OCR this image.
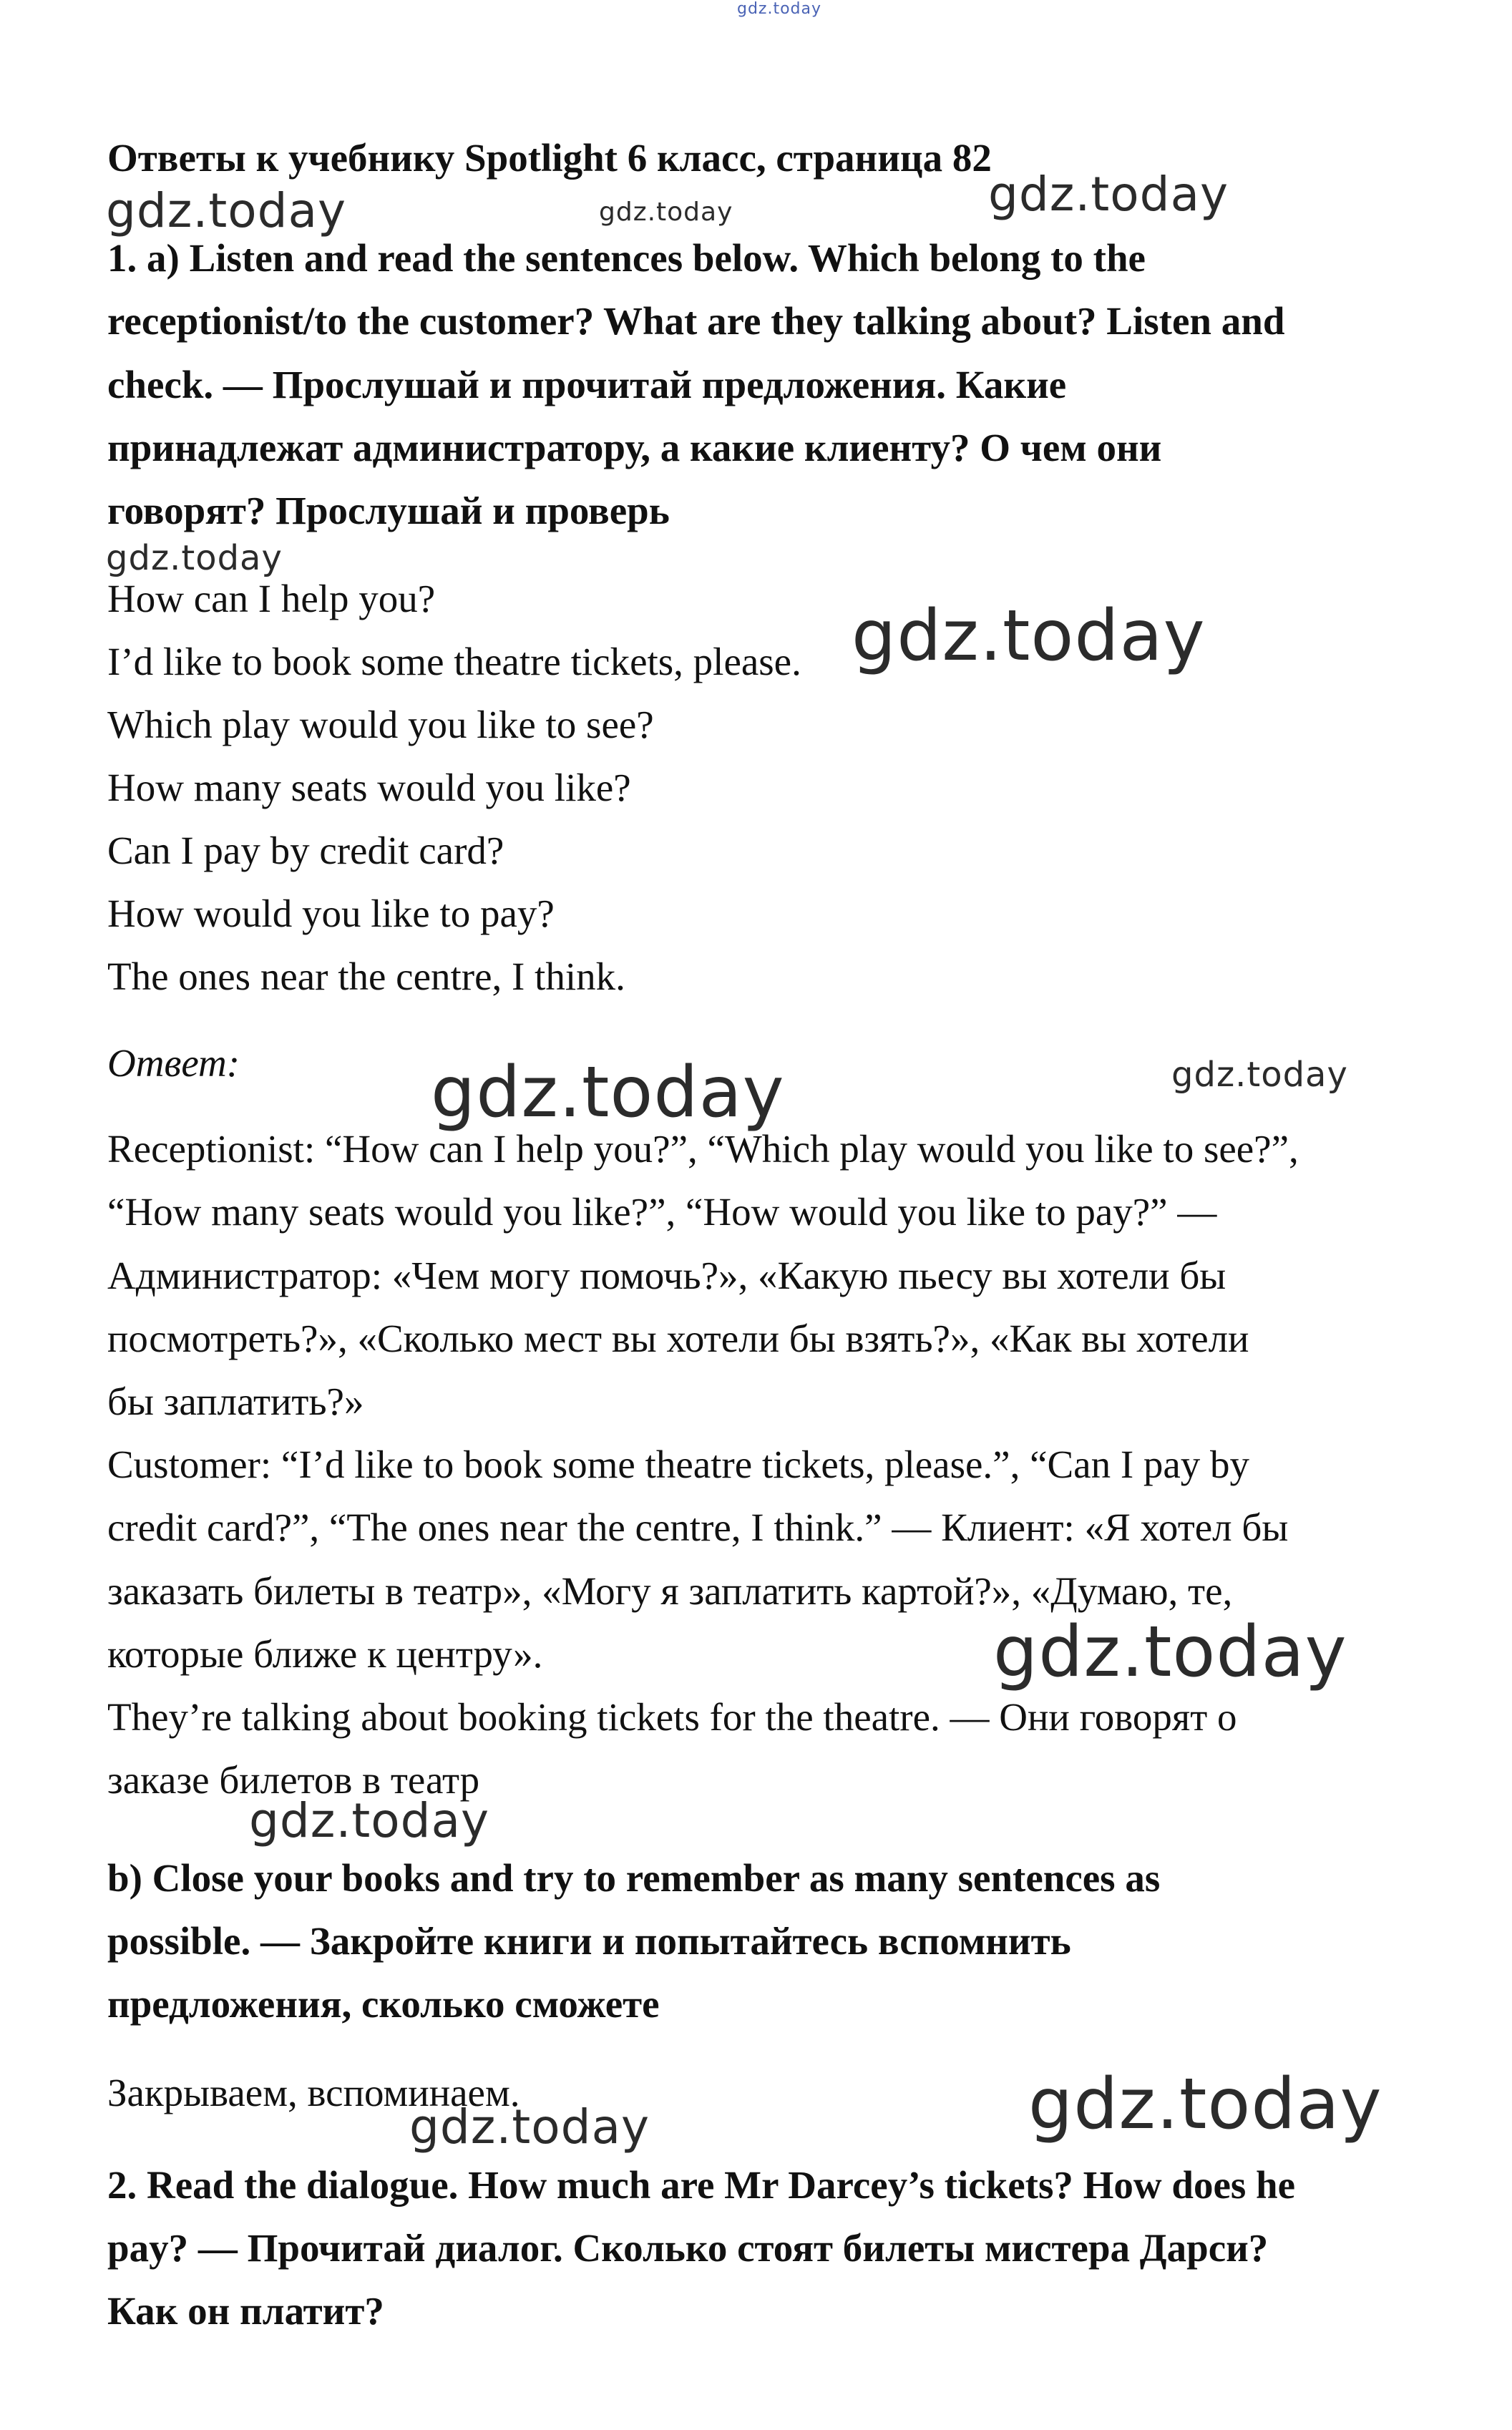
gdz.today
gdz.today	gdz.today	gdz.today
gdz.today
gdz.today
gdz.today	gdz.today
gdz.today
gdz.today
gdz.today
gdz.today
Ответы к учебнику Spotlight 6 класс, страница 82
1. a) Listen and read the sentences below. Which belong to the
receptionist/to the customer? What are they talking about? Listen and
check. — Прослушай и прочитай предложения. Какие
принадлежат администратору, а какие клиенту? О чем они
говорят? Прослушай и проверь
How can I help you?
I’d like to book some theatre tickets, please.
Which play would you like to see?
How many seats would you like?
Can I pay by credit card?
How would you like to pay?
The ones near the centre, I think.
Ответ:
Receptionist: “How can I help you?”, “Which play would you like to see?”,
“How many seats would you like?”, “How would you like to pay?” —
Администратор: «Чем могу помочь?», «Какую пьесу вы хотели бы
посмотреть?», «Сколько мест вы хотели бы взять?», «Как вы хотели
бы заплатить?»
Customer: “I’d like to book some theatre tickets, please.”, “Can I pay by
credit card?”, “The ones near the centre, I think.” — Клиент: «Я хотел бы
заказать билеты в театр», «Могу я заплатить картой?», «Думаю, те,
которые ближе к центру».
They’re talking about booking tickets for the theatre. — Они говорят о
заказе билетов в театр
b) Close your books and try to remember as many sentences as
possible. — Закройте книги и попытайтесь вспомнить
предложения, сколько сможете
Закрываем, вспоминаем.
2. Read the dialogue. How much are Mr Darcey’s tickets? How does he
pay? — Прочитай диалог. Сколько стоят билеты мистера Дарси?
Как он платит?
